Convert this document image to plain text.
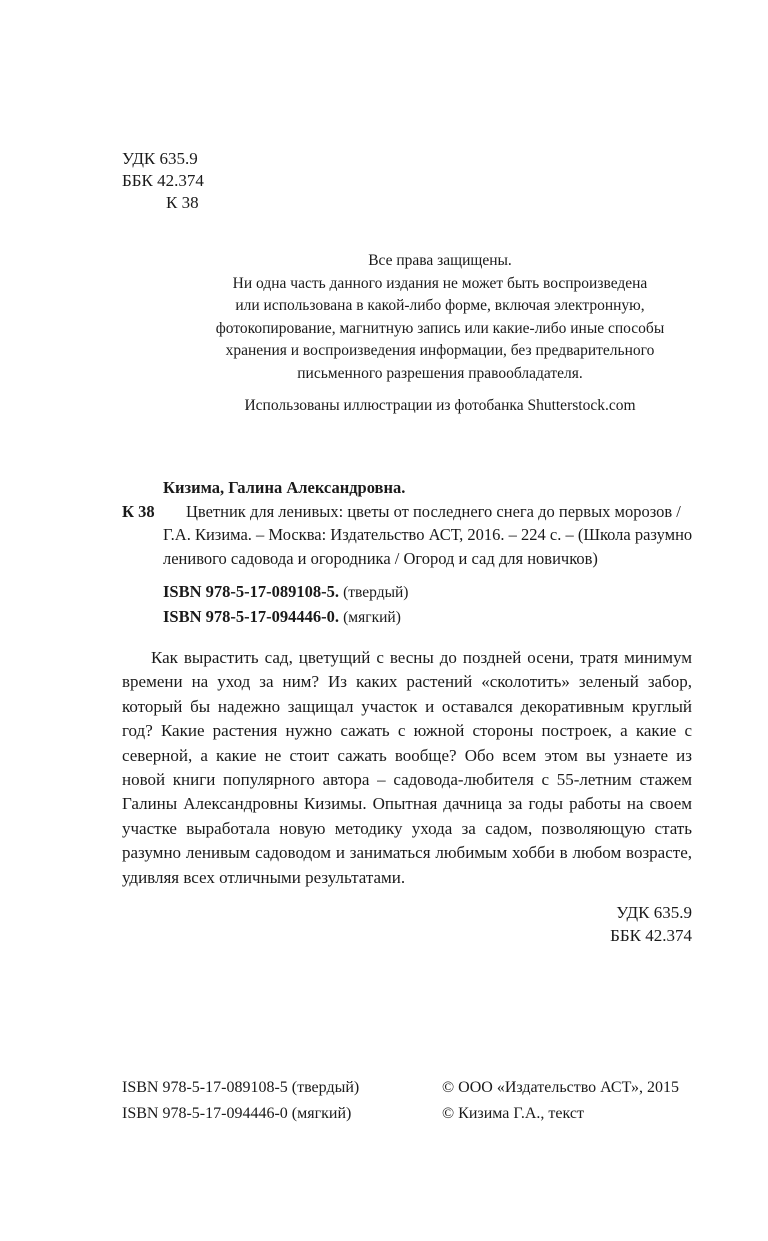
УДК 635.9
ББК 42.374
К 38
Все права защищены.
Ни одна часть данного издания не может быть воспроизведена
или использована в какой-либо форме, включая электронную,
фотокопирование, магнитную запись или какие-либо иные способы
хранения и воспроизведения информации, без предварительного
письменного разрешения правообладателя.
Использованы иллюстрации из фотобанка Shutterstock.com
Кизима, Галина Александровна.
К 38	Цветник для ленивых: цветы от последнего снега до первых морозов / Г.А. Кизима. – Москва: Издательство АСТ, 2016. – 224 с. – (Школа разумно ленивого садовода и огородника / Огород и сад для новичков)
ISBN 978-5-17-089108-5. (твердый)
ISBN 978-5-17-094446-0. (мягкий)
Как вырастить сад, цветущий с весны до поздней осени, тратя минимум времени на уход за ним? Из каких растений «сколотить» зеленый забор, который бы надежно защищал участок и оставался декоративным круглый год? Какие растения нужно сажать с южной стороны построек, а какие с северной, а какие не стоит сажать вообще? Обо всем этом вы узнаете из новой книги популярного автора – садовода-любителя с 55-летним стажем Галины Александровны Кизимы. Опытная дачница за годы работы на своем участке выработала новую методику ухода за садом, позволяющую стать разумно ленивым садоводом и заниматься любимым хобби в любом возрасте, удивляя всех отличными результатами.
УДК 635.9
ББК 42.374
ISBN 978-5-17-089108-5 (твердый)	© ООО «Издательство АСТ», 2015
ISBN 978-5-17-094446-0 (мягкий)	© Кизима Г.А., текст
